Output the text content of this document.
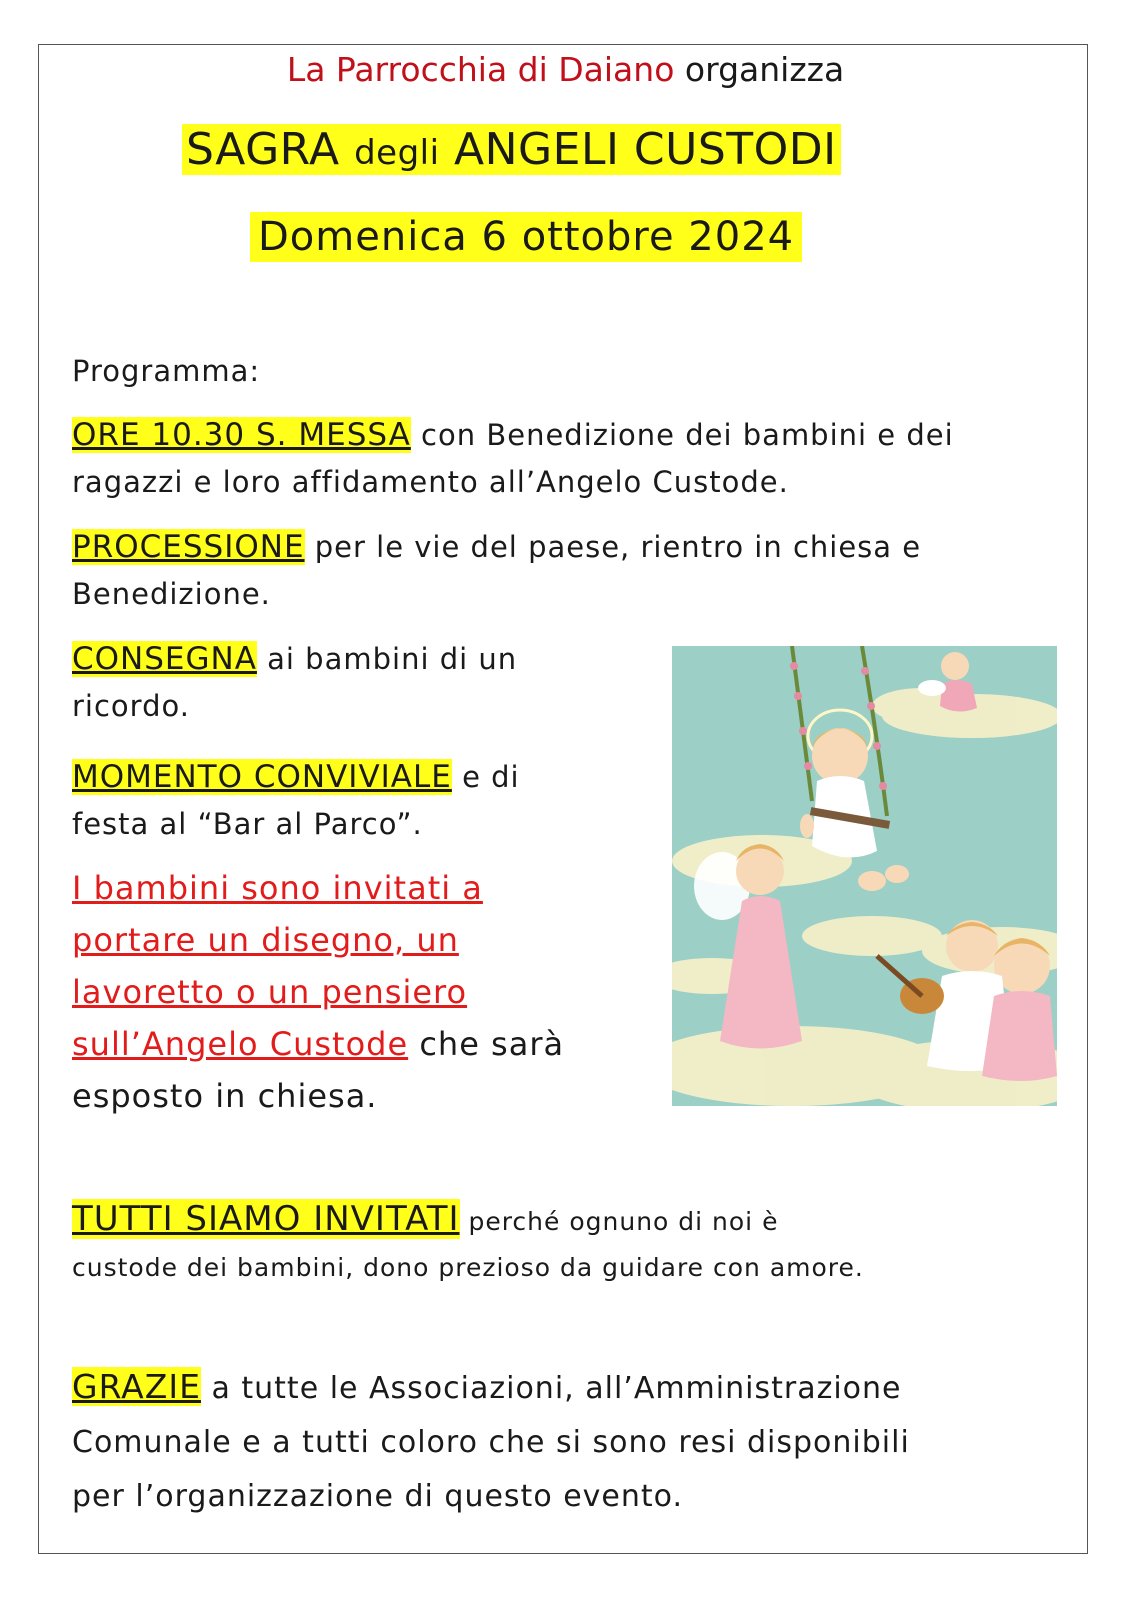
La Parrocchia di Daiano organizza
SAGRA degli ANGELI CUSTODI
Domenica 6 ottobre 2024
Programma:
ORE 10.30 S. MESSA con Benedizione dei bambini e dei
ragazzi e loro affidamento all’Angelo Custode.
PROCESSIONE per le vie del paese, rientro in chiesa e
Benedizione.
CONSEGNA ai bambini di un
ricordo.
MOMENTO CONVIVIALE e di
festa al “Bar al Parco”.
I bambini sono invitati a
portare un disegno, un
lavoretto o un pensiero
sull’Angelo Custode che sarà
esposto in chiesa.
TUTTI SIAMO INVITATI perché ognuno di noi è
custode dei bambini, dono prezioso da guidare con amore.
GRAZIE a tutte le Associazioni, all’Amministrazione
Comunale e a tutti coloro che si sono resi disponibili
per l’organizzazione di questo evento.
